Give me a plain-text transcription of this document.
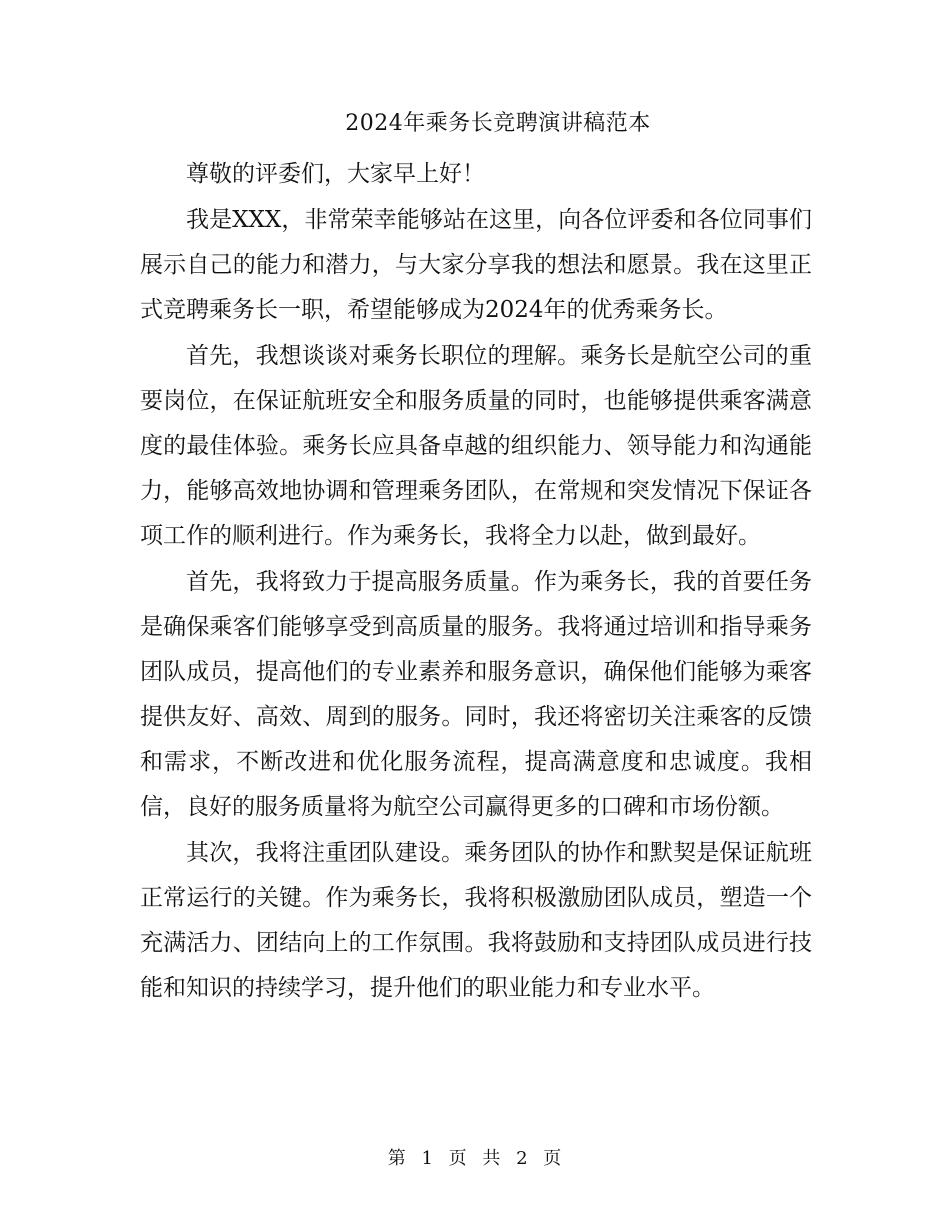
2024年乘务长竞聘演讲稿范本

尊敬的评委们，大家早上好！

我是XXX，非常荣幸能够站在这里，向各位评委和各位同事们展示自己的能力和潜力，与大家分享我的想法和愿景。我在这里正式竞聘乘务长一职，希望能够成为2024年的优秀乘务长。

首先，我想谈谈对乘务长职位的理解。乘务长是航空公司的重要岗位，在保证航班安全和服务质量的同时，也能够提供乘客满意度的最佳体验。乘务长应具备卓越的组织能力、领导能力和沟通能力，能够高效地协调和管理乘务团队，在常规和突发情况下保证各项工作的顺利进行。作为乘务长，我将全力以赴，做到最好。

首先，我将致力于提高服务质量。作为乘务长，我的首要任务是确保乘客们能够享受到高质量的服务。我将通过培训和指导乘务团队成员，提高他们的专业素养和服务意识，确保他们能够为乘客提供友好、高效、周到的服务。同时，我还将密切关注乘客的反馈和需求，不断改进和优化服务流程，提高满意度和忠诚度。我相信，良好的服务质量将为航空公司赢得更多的口碑和市场份额。

其次，我将注重团队建设。乘务团队的协作和默契是保证航班正常运行的关键。作为乘务长，我将积极激励团队成员，塑造一个充满活力、团结向上的工作氛围。我将鼓励和支持团队成员进行技能和知识的持续学习，提升他们的职业能力和专业水平。

第 1 页 共 2 页
